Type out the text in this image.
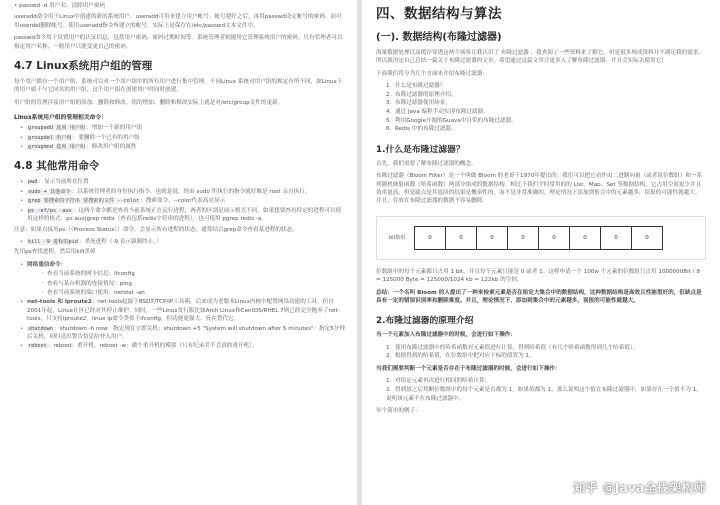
• passwd -d 用户名：清除用户密码

useradd命令用于Linux中创建的新的系统用户。useradd可用来建立用户帐号。帐号建好之后，再用passwd设定帐号的密码．而可用userdel删除帐号。使用useradd指令所建立的帐号，实际上是保存在/etc/passwd文本文件中。

passwd命令用于设置用户的认证信息，包括用户密码、密码过期时间等。系统管理者则能用它管理系统用户的密码。只有管理者可以指定用户名称，一般用户只能变更自己的密码。

4.7 Linux系统用户组的管理

每个用户都有一个用户组，系统可以对一个用户组中的所有用户进行集中管理。不同Linux 系统对用户组的规定有所不同，如Linux下的用户属于与它同名的用户组，这个用户组在创建用户时同时创建。

用户组的管理涉及用户组的添加、删除和修改。组的增加、删除和修改实际上就是对/etc/group文件的更新。

Linux系统用户组的管理相关命令：
• groupadd 选项 用户组：增加一个新的用户组
• groupdel 用户组：要删除一个已有的用户组
• groupmod 选项 用户组：修改用户组的属性
4.8 其他常用命令
• pwd：显示当前所在位置
• sudo + 其他命令：以系统管理者的身份执行指令，也就是说，经由 sudo 所执行的指令就好像是 root 亲自执行。
• grep 要搜索的字符串 要搜索的文件 --color：搜索命令，--color代表高亮显示
• ps -ef/ps -aux：这两个命令都是查看当前系统正在运行进程，两者的区别是展示格式不同。如果想要查看特定的进程可以使用这样的格式：ps aux|grep redis（查看包括redis字符串的进程），也可使用 pgrep redis -a。

注意：如果直接用ps（（Process Status））命令，会显示所有进程的状态，通常结合grep命令查看某进程的状态。

• kill -9 进程的pid：杀死进程（-9 表示强制终止。）

先用ps查找进程，然后用kill杀掉

• 网络通信命令：
◦ 查看当前系统的网卡信息：ifconfig
◦ 查看与某台机器的连接情况：ping
◦ 查看当前系统的端口使用：netstat -an
• net-tools 和 iproute2：net-tools起源于BSD的TCP/IP工具箱，后来成为老版本Linux内核中配置网络功能的工具。但自2001年起，Linux社区已经对其停止维护。同时，一些Linux发行版比如Arch Linux和CentOS/RHEL 7则已经完全抛弃了net-tools，只支持iproute2。linux ip命令类似于ifconfig，但功能更强大。旨在替代它。
• shutdown：shutdown -h now：指定现在立即关机；shutdown +5 "System will shutdown after 5 minutes"：指定5分钟后关机，同时送出警告信息给登入用户。
• reboot：reboot：重开机。reboot -w：做个重开机的模拟（只有纪录并不会真的重开机）。
四、数据结构与算法
(一). 数据结构(布隆过滤器)

海量数据处理以及缓存穿透这两个场景让我认识了 布隆过滤器 ，我查阅了一些资料来了解它，但是很多现成资料并不满足我的需求，所以就决定自己总结一篇关于布隆过滤器的文章。希望通过这篇文章让更多人了解布隆过滤器，并且会实际去使用它！

下面我们将分为几个方面来介绍布隆过滤器：

1. 什么是布隆过滤器？
2. 布隆过滤器的原理介绍。
3. 布隆过滤器使用场景。
4. 通过 Java 编程手动实现布隆过滤器。
5. 利用Google开源的Guava中自带的布隆过滤器。
6. Redis 中的布隆过滤器。
1.什么是布隆过滤器？

首先，我们需要了解布隆过滤器的概念。

布隆过滤器（Bloom Filter）是一个叫做 Bloom 的老哥于1970年提出的。我们可以把它看作由二进制向量（或者说位数组）和一系列随机映射函数（哈希函数）两部分组成的数据结构。相比于我们平时常用的的 List、Map、Set 等数据结构，它占用空间更少并且效率更高，但是缺点是其返回的结果是概率性的，而不是非常准确的。理论情况下添加到集合中的元素越多，误报的可能性就越大。并且，存放在布隆过滤器的数据不容易删除。

bit数组	0	0	0	0	0	0	0	0

位数组中的每个元素都只占用 1 bit，并且每个元素只能是 0 或者 1。这样申请一个 100w 个元素的位数组只占用 1000000Bit / 8 = 125000 Byte = 125000/1024 kb ≈ 122kb 的空间。

总结：一个名叫 Bloom 的人提出了一种来检索元素是否在给定大集合中的数据结构，这种数据结构是高效且性能很好的，但缺点是具有一定的错误识别率和删除难度。并且，理论情况下，添加到集合中的元素越多，误报的可能性就越大。

2.布隆过滤器的原理介绍

当一个元素加入布隆过滤器中的时候，会进行如下操作：

1. 使用布隆过滤器中的哈希函数对元素值进行计算，得到哈希值（有几个哈希函数得到几个哈希值）。
2. 根据得到的哈希值，在位数组中把对应下标的值置为 1。

当我们需要判断一个元素是否存在于布隆过滤器的时候，会进行如下操作：

1. 对给定元素再次进行相同的哈希计算；
2. 得到值之后判断位数组中的每个元素是否都为 1，如果值都为 1，那么说明这个值在布隆过滤器中，如果存在一个值不为 1，说明该元素不在布隆过滤器中。

举个简单的例子：

知乎 @Java全栈架构师
